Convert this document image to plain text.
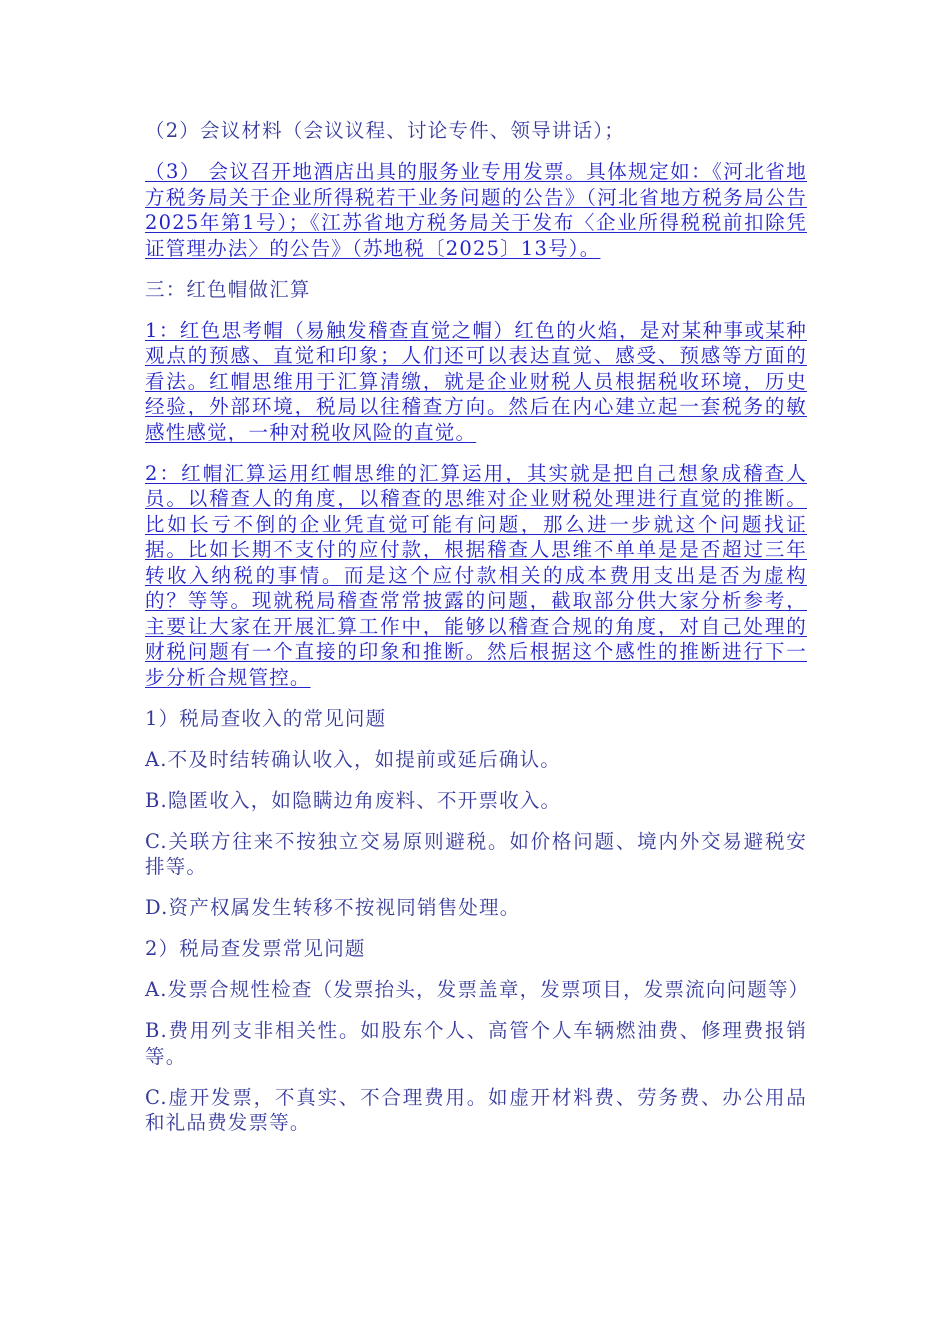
（2）会议材料（会议议程、讨论专件、领导讲话）；

（3） 会议召开地酒店出具的服务业专用发票。具体规定如：《河北省地方税务局关于企业所得税若干业务问题的公告》（河北省地方税务局公告2025年第1号）；《江苏省地方税务局关于发布〈企业所得税税前扣除凭证管理办法〉的公告》（苏地税〔2025〕13号）。

三：红色帽做汇算

1：红色思考帽（易触发稽查直觉之帽）红色的火焰，是对某种事或某种观点的预感、直觉和印象；人们还可以表达直觉、感受、预感等方面的看法。红帽思维用于汇算清缴，就是企业财税人员根据税收环境，历史经验，外部环境，税局以往稽查方向。然后在内心建立起一套税务的敏感性感觉，一种对税收风险的直觉。

2：红帽汇算运用红帽思维的汇算运用，其实就是把自己想象成稽查人员。以稽查人的角度，以稽查的思维对企业财税处理进行直觉的推断。比如长亏不倒的企业凭直觉可能有问题，那么进一步就这个问题找证据。比如长期不支付的应付款，根据稽查人思维不单单是是否超过三年转收入纳税的事情。而是这个应付款相关的成本费用支出是否为虚构的？等等。现就税局稽查常常披露的问题，截取部分供大家分析参考，主要让大家在开展汇算工作中，能够以稽查合规的角度，对自己处理的财税问题有一个直接的印象和推断。然后根据这个感性的推断进行下一步分析合规管控。

1）税局查收入的常见问题

A.不及时结转确认收入，如提前或延后确认。

B.隐匿收入，如隐瞒边角废料、不开票收入。

C.关联方往来不按独立交易原则避税。如价格问题、境内外交易避税安排等。

D.资产权属发生转移不按视同销售处理。

2）税局查发票常见问题

A.发票合规性检查（发票抬头，发票盖章，发票项目，发票流向问题等）

B.费用列支非相关性。如股东个人、高管个人车辆燃油费、修理费报销等。

C.虚开发票，不真实、不合理费用。如虚开材料费、劳务费、办公用品和礼品费发票等。
